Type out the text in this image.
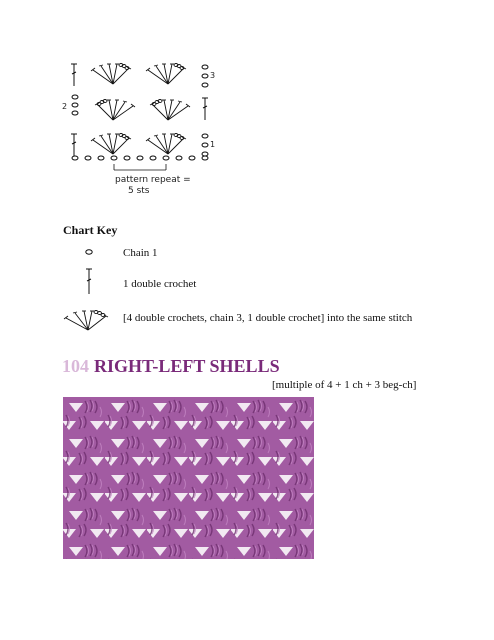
3
2
1
pattern repeat =
5 sts
Chart Key
Chain 1
1 double crochet
[4 double crochets, chain 3, 1 double crochet] into the same stitch
104 RIGHT-LEFT SHELLS
[multiple of 4 + 1 ch + 3 beg-ch]
